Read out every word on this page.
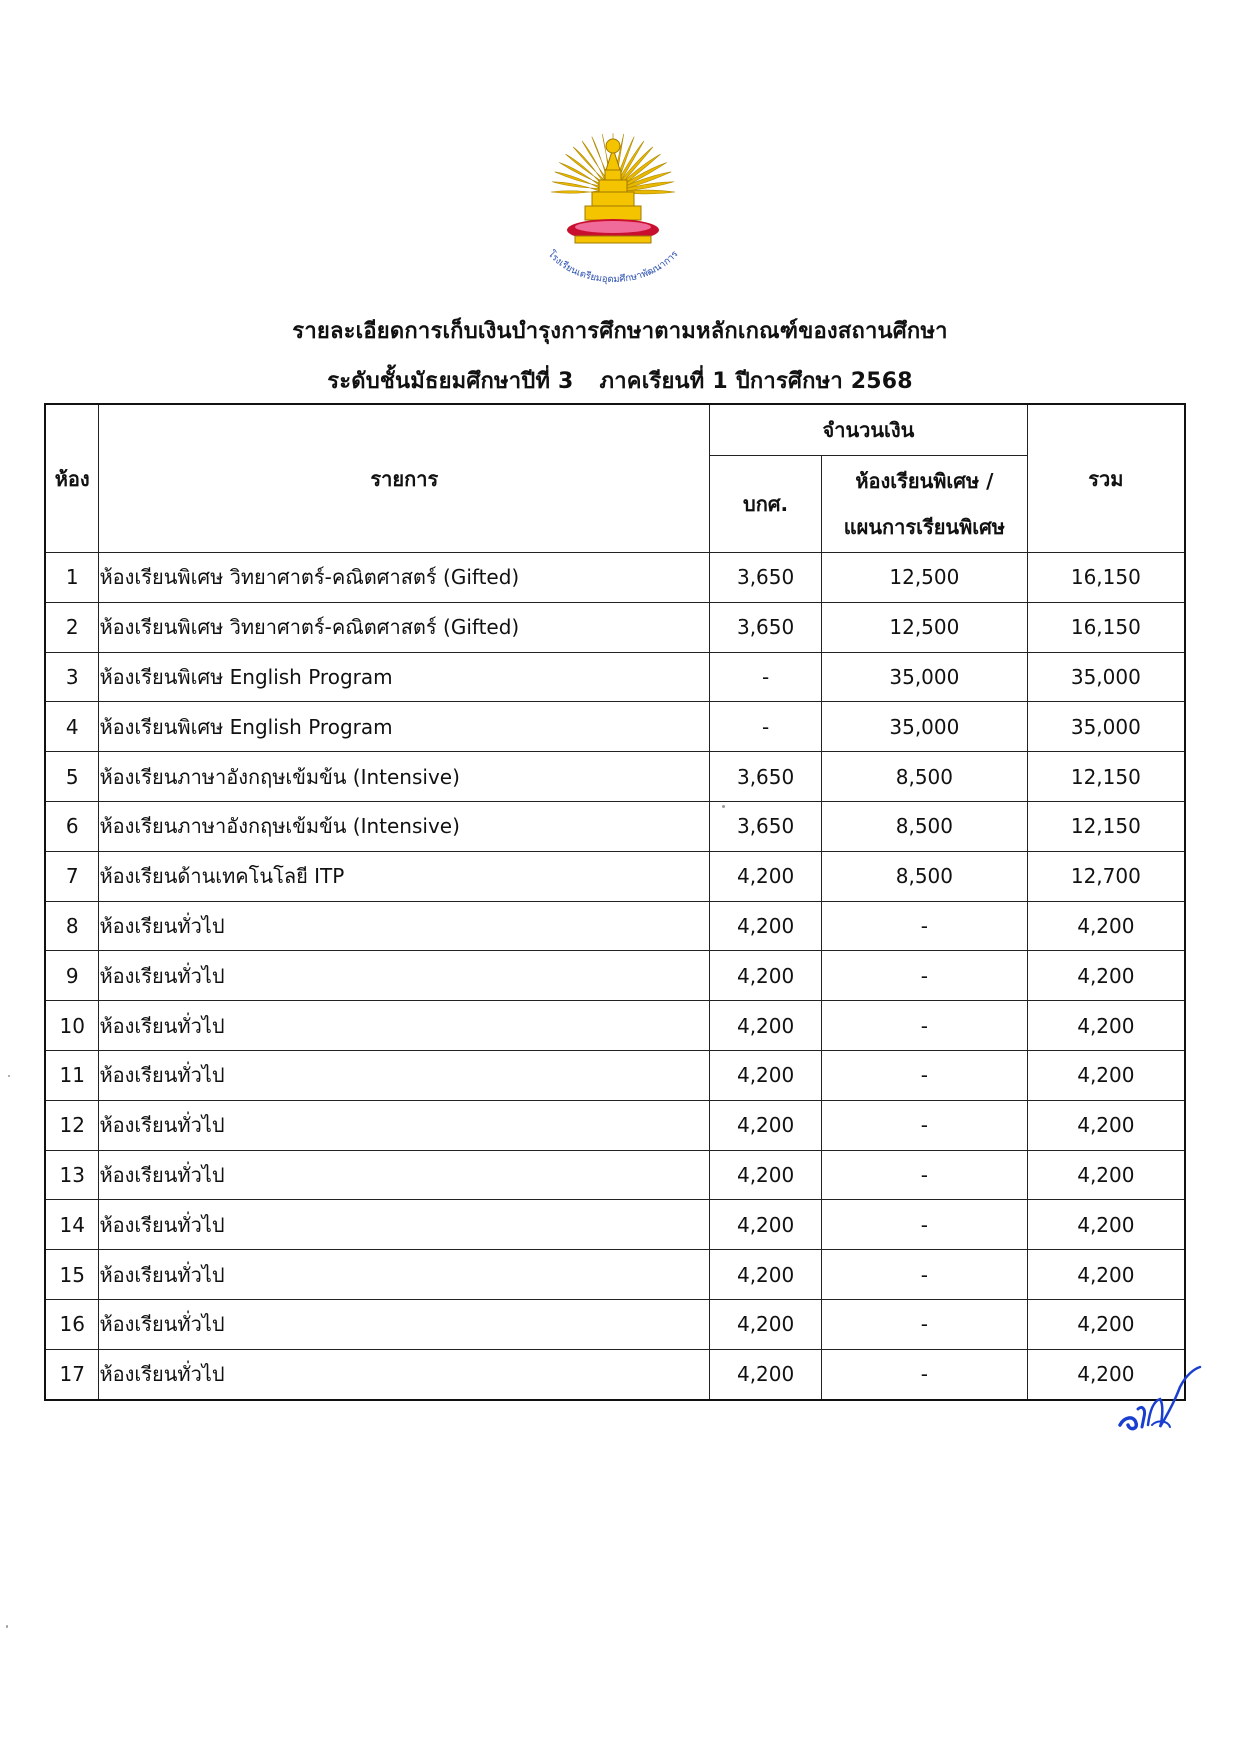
โรงเรียนเตรียมอุดมศึกษาพัฒนาการ
รายละเอียดการเก็บเงินบำรุงการศึกษาตามหลักเกณฑ์ของสถานศึกษา
ระดับชั้นมัธยมศึกษาปีที่ 3 ภาคเรียนที่ 1 ปีการศึกษา 2568
ห้อง	รายการ	จำนวนเงิน		รวม
		บกศ.	ห้องเรียนพิเศษ /
แผนการเรียนพิเศษ	

1	ห้องเรียนพิเศษ วิทยาศาตร์-คณิตศาสตร์ (Gifted)	3,650	12,500	16,150
2	ห้องเรียนพิเศษ วิทยาศาตร์-คณิตศาสตร์ (Gifted)	3,650	12,500	16,150
3	ห้องเรียนพิเศษ English Program	-	35,000	35,000
4	ห้องเรียนพิเศษ English Program	-	35,000	35,000
5	ห้องเรียนภาษาอังกฤษเข้มข้น (Intensive)	3,650	8,500	12,150
6	ห้องเรียนภาษาอังกฤษเข้มข้น (Intensive)	3,650	8,500	12,150
7	ห้องเรียนด้านเทคโนโลยี ITP	4,200	8,500	12,700
8	ห้องเรียนทั่วไป	4,200	-	4,200
9	ห้องเรียนทั่วไป	4,200	-	4,200
10	ห้องเรียนทั่วไป	4,200	-	4,200
11	ห้องเรียนทั่วไป	4,200	-	4,200
12	ห้องเรียนทั่วไป	4,200	-	4,200
13	ห้องเรียนทั่วไป	4,200	-	4,200
14	ห้องเรียนทั่วไป	4,200	-	4,200
15	ห้องเรียนทั่วไป	4,200	-	4,200
16	ห้องเรียนทั่วไป	4,200	-	4,200
17	ห้องเรียนทั่วไป	4,200	-	4,200
